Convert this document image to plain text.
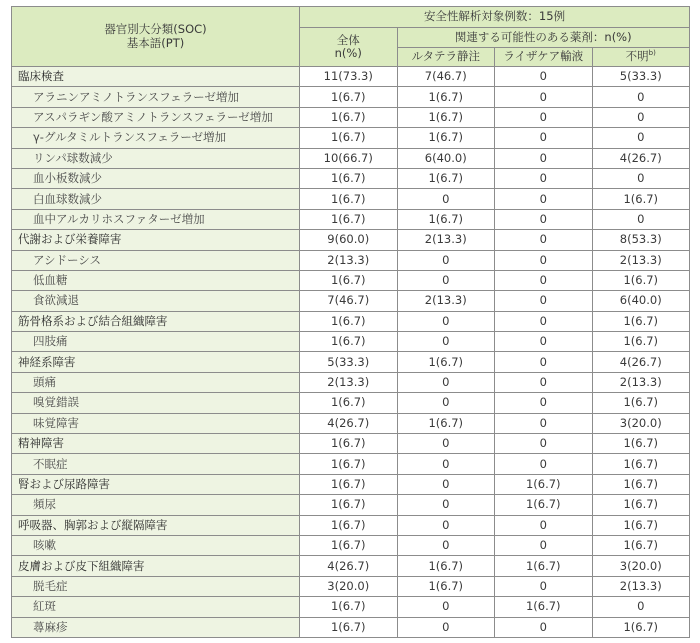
器官別大分類(SOC)
基本語(PT)	安全性解析対象例数：15例			
	全体
n(%)	関連する可能性のある薬剤：n(%)		
		ルタテラ静注	ライザケア輸液	不明$^{b)}$
臨床検査	11(73.3)	7(46.7)	0	5(33.3)
アラニンアミノトランスフェラーゼ増加	1(6.7)	1(6.7)	0	0
アスパラギン酸アミノトランスフェラーゼ増加	1(6.7)	1(6.7)	0	0
γ-グルタミルトランスフェラーゼ増加	1(6.7)	1(6.7)	0	0
リンパ球数減少	10(66.7)	6(40.0)	0	4(26.7)
血小板数減少	1(6.7)	1(6.7)	0	0
白血球数減少	1(6.7)	0	0	1(6.7)
血中アルカリホスファターゼ増加	1(6.7)	1(6.7)	0	0
代謝および栄養障害	9(60.0)	2(13.3)	0	8(53.3)
アシドーシス	2(13.3)	0	0	2(13.3)
低血糖	1(6.7)	0	0	1(6.7)
食欲減退	7(46.7)	2(13.3)	0	6(40.0)
筋骨格系および結合組織障害	1(6.7)	0	0	1(6.7)
四肢痛	1(6.7)	0	0	1(6.7)
神経系障害	5(33.3)	1(6.7)	0	4(26.7)
頭痛	2(13.3)	0	0	2(13.3)
嗅覚錯誤	1(6.7)	0	0	1(6.7)
味覚障害	4(26.7)	1(6.7)	0	3(20.0)
精神障害	1(6.7)	0	0	1(6.7)
不眠症	1(6.7)	0	0	1(6.7)
腎および尿路障害	1(6.7)	0	1(6.7)	1(6.7)
頻尿	1(6.7)	0	1(6.7)	1(6.7)
呼吸器、胸郭および縦隔障害	1(6.7)	0	0	1(6.7)
咳嗽	1(6.7)	0	0	1(6.7)
皮膚および皮下組織障害	4(26.7)	1(6.7)	1(6.7)	3(20.0)
脱毛症	3(20.0)	1(6.7)	0	2(13.3)
紅斑	1(6.7)	0	1(6.7)	0
蕁麻疹	1(6.7)	0	0	1(6.7)
